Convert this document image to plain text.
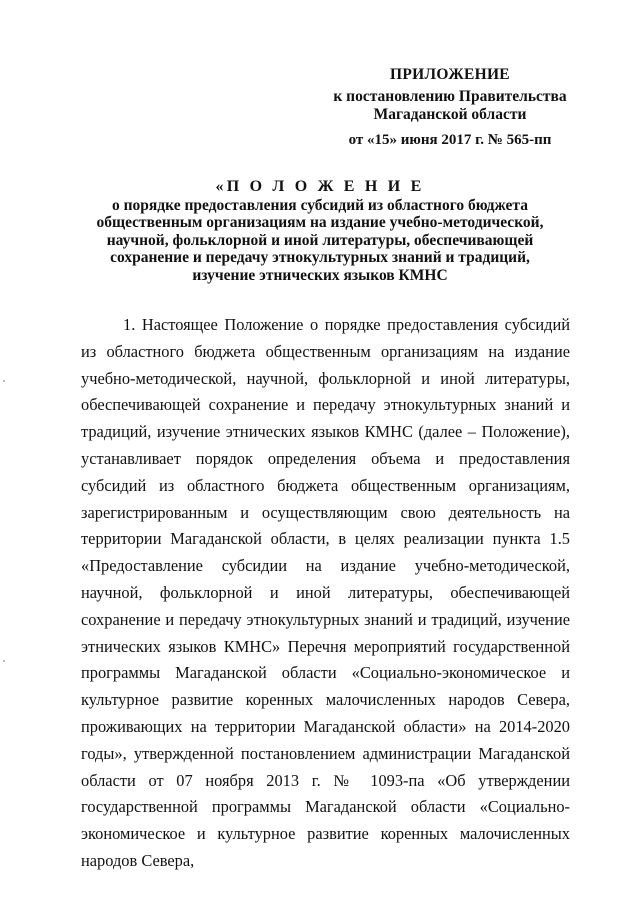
ПРИЛОЖЕНИЕ
к постановлению Правительства
Магаданской области
от «15» июня 2017 г. № 565-пп
«П О Л О Ж Е Н И Е
о порядке предоставления субсидий из областного бюджета
общественным организациям на издание учебно-методической,
научной, фольклорной и иной литературы, обеспечивающей
сохранение и передачу этнокультурных знаний и традиций,
изучение этнических языков КМНС

1. Настоящее Положение о порядке предоставления субсидий из областного бюджета общественным организациям на издание учебно-методической, научной, фольклорной и иной литературы, обеспечивающей сохранение и передачу этнокультурных знаний и традиций, изучение этнических языков КМНС (далее – Положение), устанавливает порядок определения объема и предоставления субсидий из областного бюджета общественным организациям, зарегистрированным и осуществляющим свою деятельность на территории Магаданской области, в целях реализации пункта 1.5 «Предоставление субсидии на издание учебно-методической, научной, фольклорной и иной литературы, обеспечивающей сохранение и передачу этнокультурных знаний и традиций, изучение этнических языков КМНС» Перечня мероприятий государственной программы Магаданской области «Социально-экономическое и культурное развитие коренных малочисленных народов Севера, проживающих на территории Магаданской области» на 2014-2020 годы», утвержденной постановлением администрации Магаданской области от 07 ноября 2013 г. № 1093-па «Об утверждении государственной программы Магаданской области «Социально-экономическое и культурное развитие коренных малочисленных народов Севера,
